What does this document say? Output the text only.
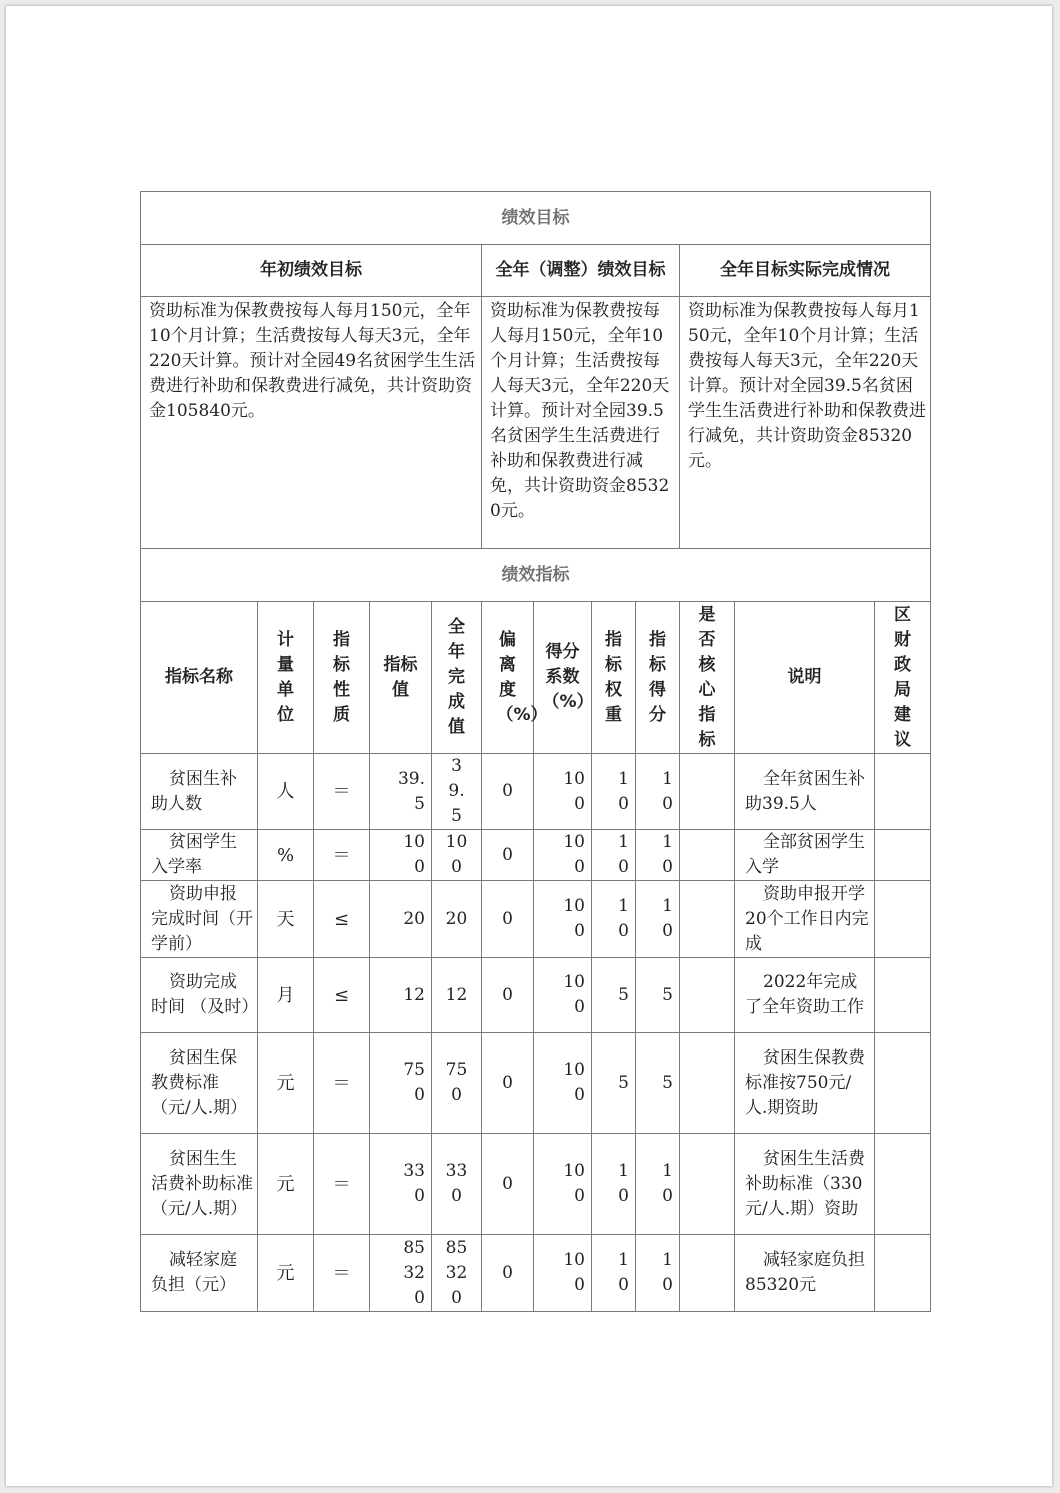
绩效目标											
年初绩效目标					全年（调整）绩效目标				全年目标实际完成情况		
资助标准为保教费按每人每月150元，全年10个月计算；生活费按每人每天3元，全年220天计算。预计对全园49名贫困学生生活费进行补助和保教费进行减免，共计资助资金105840元。					资助标准为保教费按每人每月150元，全年10个月计算；生活费按每人每天3元，全年220天计算。预计对全园39.5名贫困学生生活费进行补助和保教费进行减免，共计资助资金85320元。				资助标准为保教费按每人每月150元，全年10个月计算；生活费按每人每天3元，全年220天计算。预计对全园39.5名贫困学生生活费进行补助和保教费进行减免，共计资助资金85320元。		
绩效指标											
指标名称	计量单位	指标性质	指标值	全年完成值	偏离度（%）	得分系数（%）	指标权重	指标得分	是否核心指标	说明	区财政局建议
贫困生补助人数	人	＝	39.5	39.5	0	100	10	10		全年贫困生补助39.5人	
贫困学生入学率	%	＝	100	100	0	100	10	10		全部贫困学生入学	
资助申报完成时间（开学前）	天	≤	20	20	0	100	10	10		资助申报开学20个工作日内完成	
资助完成时间 （及时）	月	≤	12	12	0	100	5	5		2022年完成了全年资助工作	
贫困生保教费标准（元/人.期）	元	＝	750	750	0	100	5	5		贫困生保教费标准按750元/人.期资助	
贫困生生活费补助标准（元/人.期）	元	＝	330	330	0	100	10	10		贫困生生活费补助标准（330元/人.期）资助	
减轻家庭负担（元）	元	＝	85320	85320	0	100	10	10		减轻家庭负担85320元	
